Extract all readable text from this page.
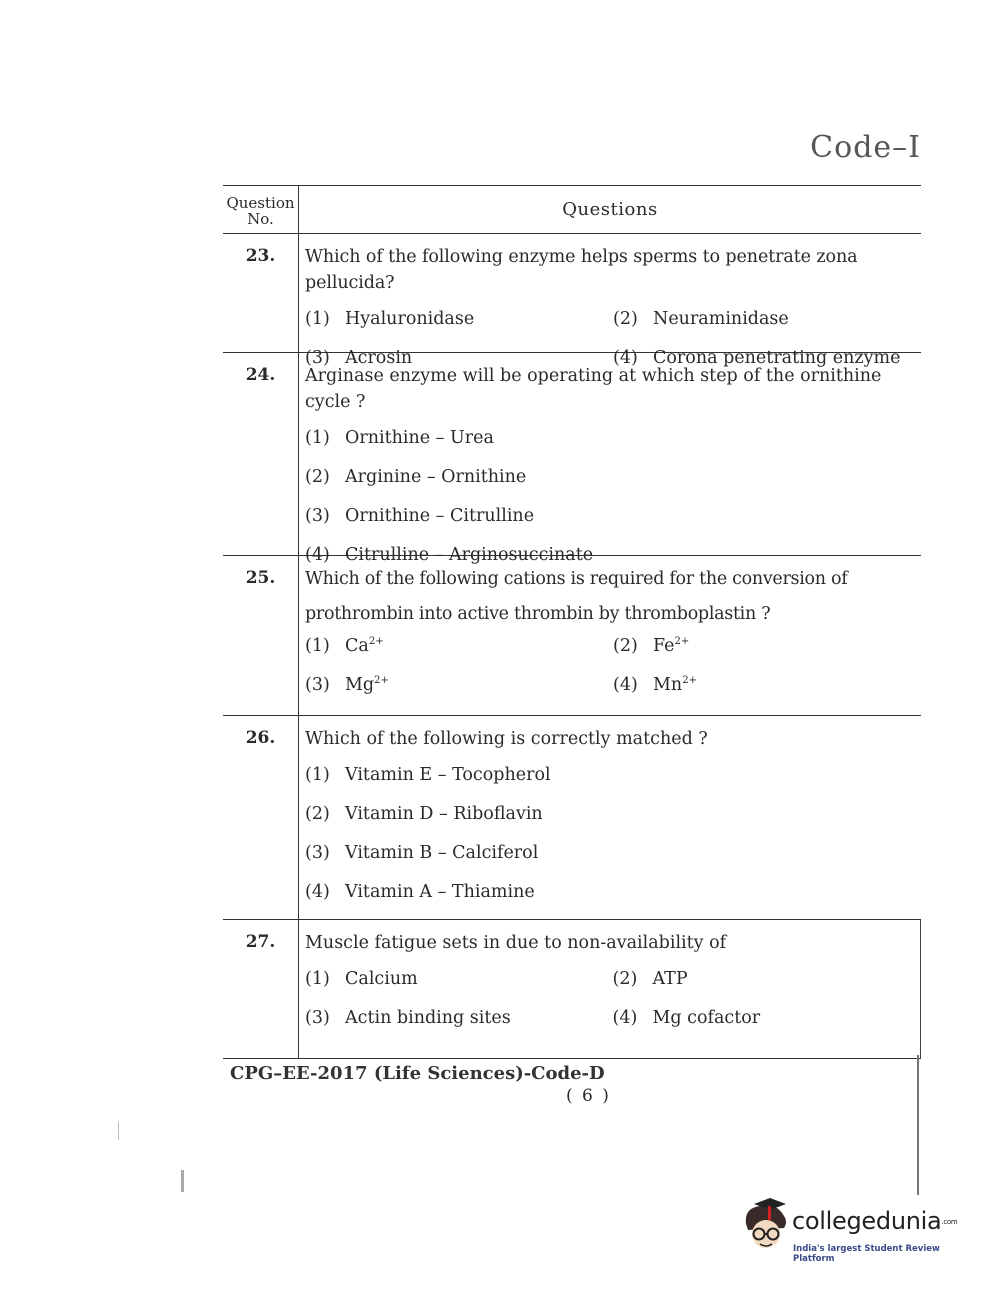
Code–I
Question No.	Questions
23.	Which of the following enzyme helps sperms to penetrate zona pellucida?
(1) Hyaluronidase	(2) Neuraminidase
(3) Acrosin	(4) Corona penetrating enzyme
24.	Arginase enzyme will be operating at which step of the ornithine cycle ?
(1) Ornithine – Urea
(2) Arginine – Ornithine
(3) Ornithine – Citrulline
(4) Citrulline – Arginosuccinate
25.	Which of the following cations is required for the conversion of prothrombin into active thrombin by thromboplastin ?
(1) $Ca^{2+}$	(2) $Fe^{2+}$
(3) $Mg^{2+}$	(4) $Mn^{2+}$
26.	Which of the following is correctly matched ?
(1) Vitamin E – Tocopherol
(2) Vitamin D – Riboflavin
(3) Vitamin B – Calciferol
(4) Vitamin A – Thiamine
27.	Muscle fatigue sets in due to non-availability of
(1) Calcium	(2) ATP
(3) Actin binding sites	(4) Mg cofactor
CPG–EE-2017 (Life Sciences)-Code-D
( 6 )
collegedunia.com
India's largest Student Review Platform
